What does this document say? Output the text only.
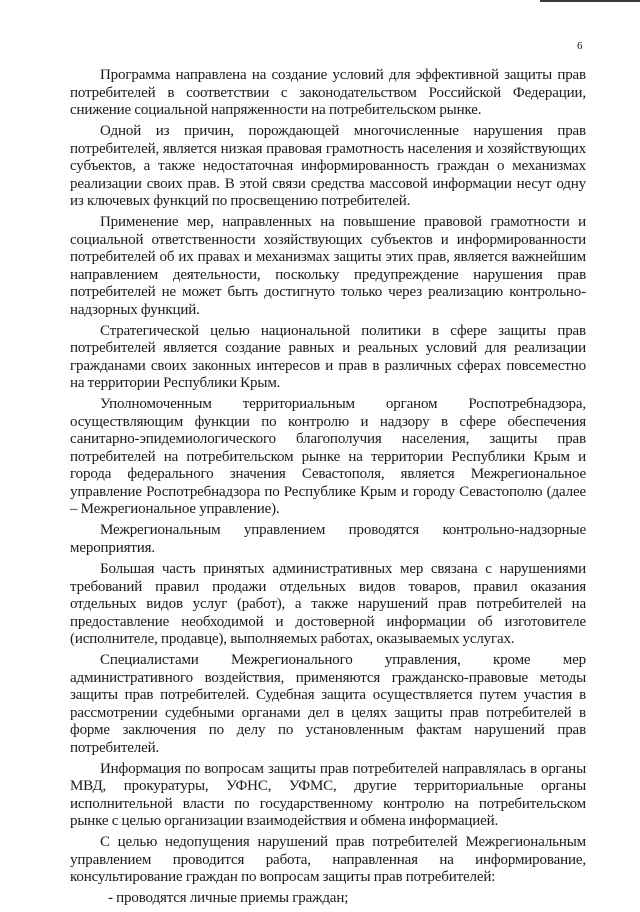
6

Программа направлена на создание условий для эффективной защиты прав потребителей в соответствии с законодательством Российской Федерации, снижение социальной напряженности на потребительском рынке.

Одной из причин, порождающей многочисленные нарушения прав потребителей, является низкая правовая грамотность населения и хозяйствующих субъектов, а также недостаточная информированность граждан о механизмах реализации своих прав. В этой связи средства массовой информации несут одну из ключевых функций по просвещению потребителей.

Применение мер, направленных на повышение правовой грамотности и социальной ответственности хозяйствующих субъектов и информированности потребителей об их правах и механизмах защиты этих прав, является важнейшим направлением деятельности, поскольку предупреждение нарушения прав потребителей не может быть достигнуто только через реализацию контрольно-надзорных функций.

Стратегической целью национальной политики в сфере защиты прав потребителей является создание равных и реальных условий для реализации гражданами своих законных интересов и прав в различных сферах повсеместно на территории Республики Крым.

Уполномоченным территориальным органом Роспотребнадзора, осуществляющим функции по контролю и надзору в сфере обеспечения санитарно-эпидемиологического благополучия населения, защиты прав потребителей на потребительском рынке на территории Республики Крым и города федерального значения Севастополя, является Межрегиональное управление Роспотребнадзора по Республике Крым и городу Севастополю (далее – Межрегиональное управление).

Межрегиональным управлением проводятся контрольно-надзорные мероприятия.

Большая часть принятых административных мер связана с нарушениями требований правил продажи отдельных видов товаров, правил оказания отдельных видов услуг (работ), а также нарушений прав потребителей на предоставление необходимой и достоверной информации об изготовителе (исполнителе, продавце), выполняемых работах, оказываемых услугах.

Специалистами Межрегионального управления, кроме мер административного воздействия, применяются гражданско-правовые методы защиты прав потребителей. Судебная защита осуществляется путем участия в рассмотрении судебными органами дел в целях защиты прав потребителей в форме заключения по делу по установленным фактам нарушений прав потребителей.

Информация по вопросам защиты прав потребителей направлялась в органы МВД, прокуратуры, УФНС, УФМС, другие территориальные органы исполнительной власти по государственному контролю на потребительском рынке с целью организации взаимодействия и обмена информацией.

С целью недопущения нарушений прав потребителей Межрегиональным управлением проводится работа, направленная на информирование, консультирование граждан по вопросам защиты прав потребителей:

- проводятся личные приемы граждан;
